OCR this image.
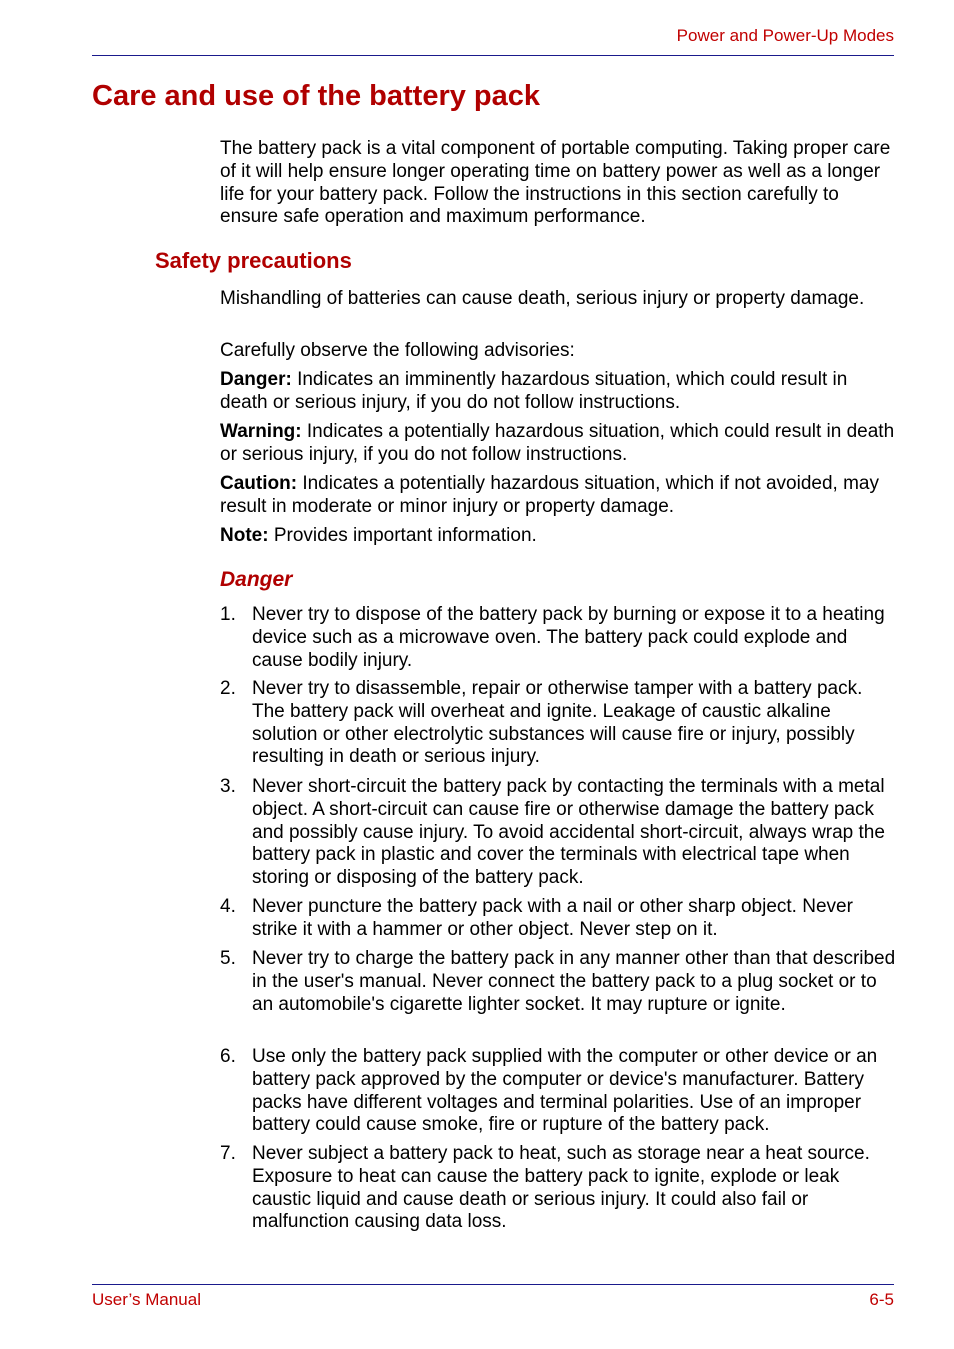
Power and Power-Up Modes
Care and use of the battery pack

The battery pack is a vital component of portable computing. Taking proper care of it will help ensure longer operating time on battery power as well as a longer life for your battery pack. Follow the instructions in this section carefully to ensure safe operation and maximum performance.

Safety precautions

Mishandling of batteries can cause death, serious injury or property damage.

Carefully observe the following advisories:

Danger: Indicates an imminently hazardous situation, which could result in death or serious injury, if you do not follow instructions.

Warning: Indicates a potentially hazardous situation, which could result in death or serious injury, if you do not follow instructions.

Caution: Indicates a potentially hazardous situation, which if not avoided, may result in moderate or minor injury or property damage.

Note: Provides important information.

Danger
1. Never try to dispose of the battery pack by burning or expose it to a heating device such as a microwave oven. The battery pack could explode and cause bodily injury.
2. Never try to disassemble, repair or otherwise tamper with a battery pack. The battery pack will overheat and ignite. Leakage of caustic alkaline solution or other electrolytic substances will cause fire or injury, possibly resulting in death or serious injury.
3. Never short-circuit the battery pack by contacting the terminals with a metal object. A short-circuit can cause fire or otherwise damage the battery pack and possibly cause injury. To avoid accidental short-circuit, always wrap the battery pack in plastic and cover the terminals with electrical tape when storing or disposing of the battery pack.
4. Never puncture the battery pack with a nail or other sharp object. Never strike it with a hammer or other object. Never step on it.
5. Never try to charge the battery pack in any manner other than that described in the user's manual. Never connect the battery pack to a plug socket or to an automobile's cigarette lighter socket. It may rupture or ignite.
6. Use only the battery pack supplied with the computer or other device or an battery pack approved by the computer or device's manufacturer. Battery packs have different voltages and terminal polarities. Use of an improper battery could cause smoke, fire or rupture of the battery pack.
7. Never subject a battery pack to heat, such as storage near a heat source. Exposure to heat can cause the battery pack to ignite, explode or leak caustic liquid and cause death or serious injury. It could also fail or malfunction causing data loss.
User’s Manual	6-5
